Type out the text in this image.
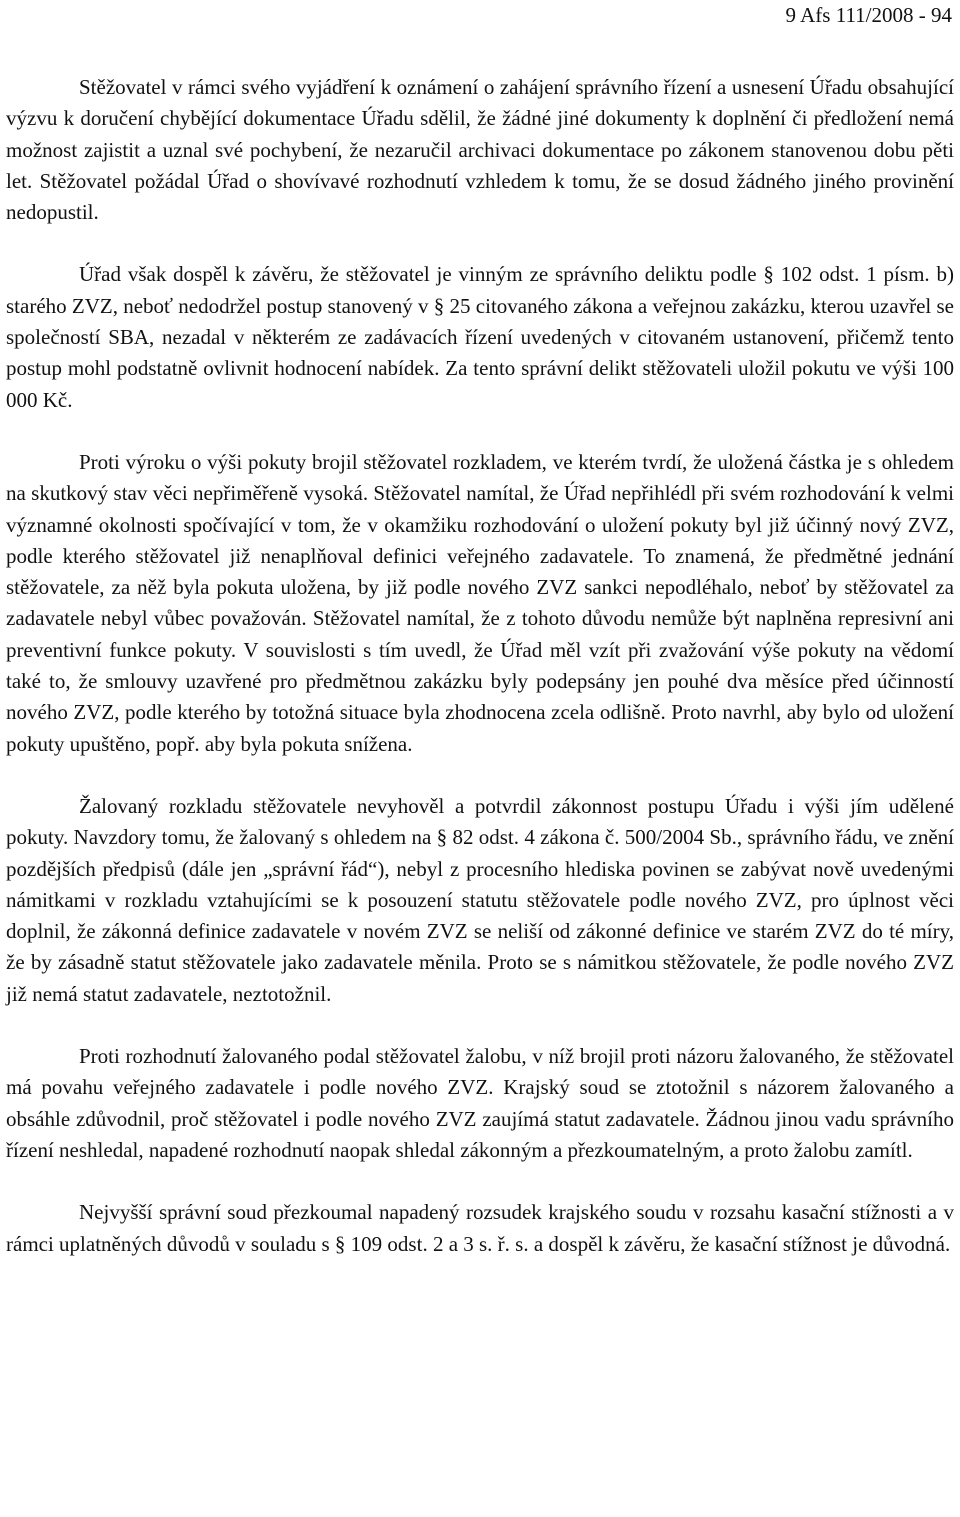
9 Afs 111/2008 - 94

Stěžovatel v rámci svého vyjádření k oznámení o zahájení správního řízení a usnesení Úřadu obsahující výzvu k doručení chybějící dokumentace Úřadu sdělil, že žádné jiné dokumenty k doplnění či předložení nemá možnost zajistit a uznal své pochybení, že nezaručil archivaci dokumentace po zákonem stanovenou dobu pěti let. Stěžovatel požádal Úřad o shovívavé rozhodnutí vzhledem k tomu, že se dosud žádného jiného provinění nedopustil.

Úřad však dospěl k závěru, že stěžovatel je vinným ze správního deliktu podle § 102 odst. 1 písm. b) starého ZVZ, neboť nedodržel postup stanovený v § 25 citovaného zákona a veřejnou zakázku, kterou uzavřel se společností SBA, nezadal v některém ze zadávacích řízení uvedených v citovaném ustanovení, přičemž tento postup mohl podstatně ovlivnit hodnocení nabídek. Za tento správní delikt stěžovateli uložil pokutu ve výši 100 000 Kč.

Proti výroku o výši pokuty brojil stěžovatel rozkladem, ve kterém tvrdí, že uložená částka je s ohledem na skutkový stav věci nepřiměřeně vysoká. Stěžovatel namítal, že Úřad nepřihlédl při svém rozhodování k velmi významné okolnosti spočívající v tom, že v okamžiku rozhodování o uložení pokuty byl již účinný nový ZVZ, podle kterého stěžovatel již nenaplňoval definici veřejného zadavatele. To znamená, že předmětné jednání stěžovatele, za něž byla pokuta uložena, by již podle nového ZVZ sankci nepodléhalo, neboť by stěžovatel za zadavatele nebyl vůbec považován. Stěžovatel namítal, že z tohoto důvodu nemůže být naplněna represivní ani preventivní funkce pokuty. V souvislosti s tím uvedl, že Úřad měl vzít při zvažování výše pokuty na vědomí také to, že smlouvy uzavřené pro předmětnou zakázku byly podepsány jen pouhé dva měsíce před účinností nového ZVZ, podle kterého by totožná situace byla zhodnocena zcela odlišně. Proto navrhl, aby bylo od uložení pokuty upuštěno, popř. aby byla pokuta snížena.

Žalovaný rozkladu stěžovatele nevyhověl a potvrdil zákonnost postupu Úřadu i výši jím udělené pokuty. Navzdory tomu, že žalovaný s ohledem na § 82 odst. 4 zákona č. 500/2004 Sb., správního řádu, ve znění pozdějších předpisů (dále jen „správní řád“), nebyl z procesního hlediska povinen se zabývat nově uvedenými námitkami v rozkladu vztahujícími se k posouzení statutu stěžovatele podle nového ZVZ, pro úplnost věci doplnil, že zákonná definice zadavatele v novém ZVZ se neliší od zákonné definice ve starém ZVZ do té míry, že by zásadně statut stěžovatele jako zadavatele měnila. Proto se s námitkou stěžovatele, že podle nového ZVZ již nemá statut zadavatele, neztotožnil.

Proti rozhodnutí žalovaného podal stěžovatel žalobu, v níž brojil proti názoru žalovaného, že stěžovatel má povahu veřejného zadavatele i podle nového ZVZ. Krajský soud se ztotožnil s názorem žalovaného a obsáhle zdůvodnil, proč stěžovatel i podle nového ZVZ zaujímá statut zadavatele. Žádnou jinou vadu správního řízení neshledal, napadené rozhodnutí naopak shledal zákonným a přezkoumatelným, a proto žalobu zamítl.

Nejvyšší správní soud přezkoumal napadený rozsudek krajského soudu v rozsahu kasační stížnosti a v rámci uplatněných důvodů v souladu s § 109 odst. 2 a 3 s. ř. s. a dospěl k závěru, že kasační stížnost je důvodná.
